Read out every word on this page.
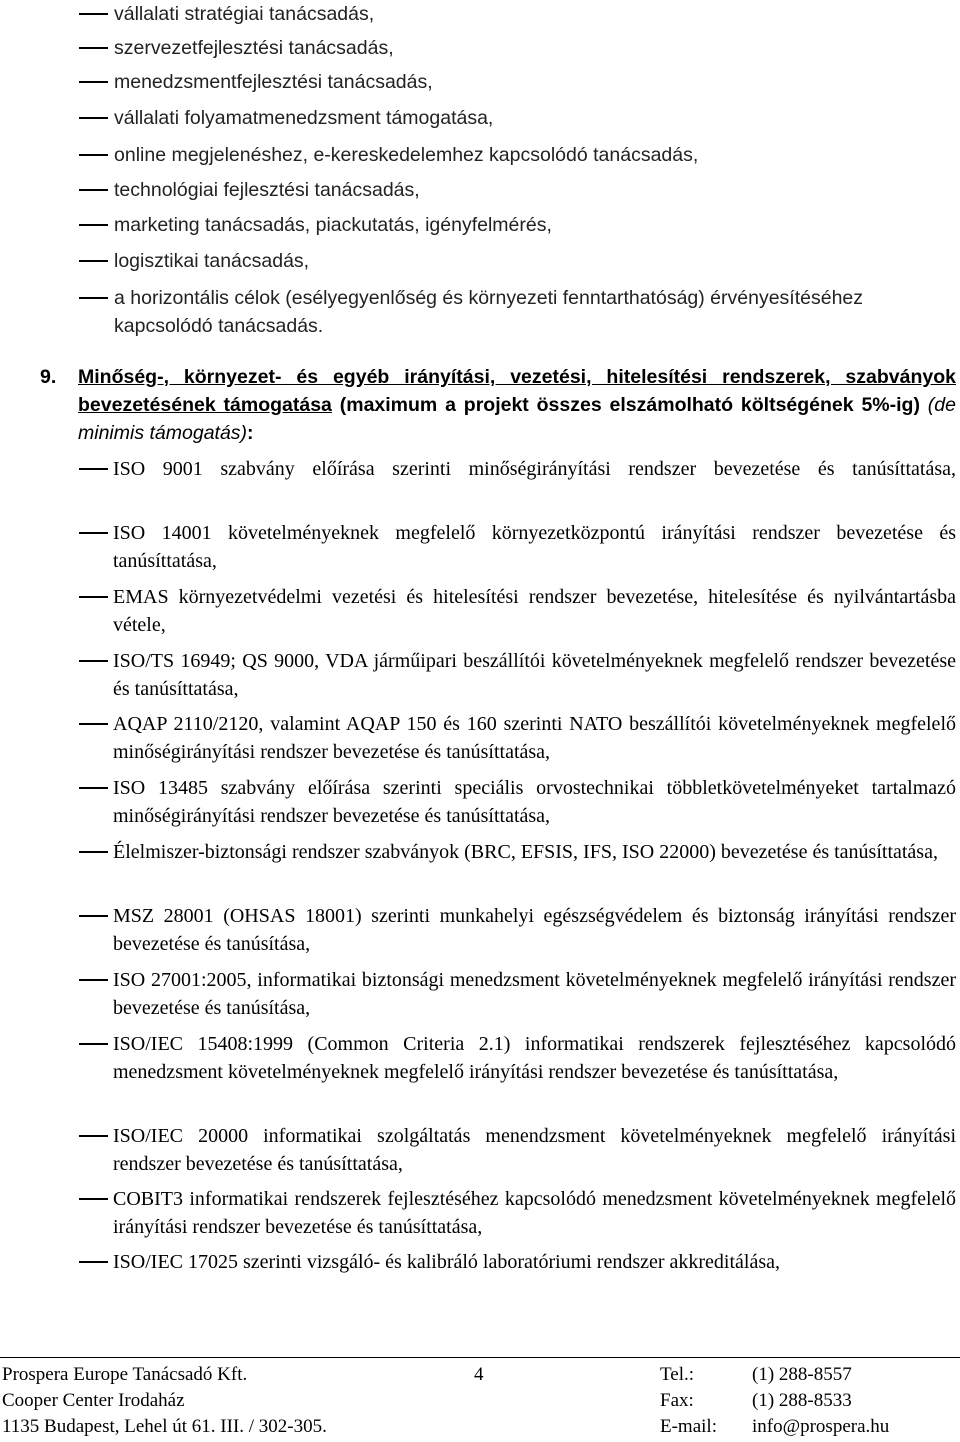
vállalati stratégiai tanácsadás,
szervezetfejlesztési tanácsadás,
menedzsmentfejlesztési tanácsadás,
vállalati folyamatmenedzsment támogatása,
online megjelenéshez, e-kereskedelemhez kapcsolódó tanácsadás,
technológiai fejlesztési tanácsadás,
marketing tanácsadás, piackutatás, igényfelmérés,
logisztikai tanácsadás,
a horizontális célok (esélyegyenlőség és környezeti fenntarthatóság) érvényesítéséhez kapcsolódó tanácsadás.
9. Minőség-, környezet- és egyéb irányítási, vezetési, hitelesítési rendszerek, szabványok bevezetésének támogatása (maximum a projekt összes elszámolható költségének 5%-ig) (de minimis támogatás):
ISO 9001 szabvány előírása szerinti minőségirányítási rendszer bevezetése és tanúsíttatása,
ISO 14001 követelményeknek megfelelő környezetközpontú irányítási rendszer bevezetése és tanúsíttatása,
EMAS környezetvédelmi vezetési és hitelesítési rendszer bevezetése, hitelesítése és nyilvántartásba vétele,
ISO/TS 16949; QS 9000, VDA járműipari beszállítói követelményeknek megfelelő rendszer bevezetése és tanúsíttatása,
AQAP 2110/2120, valamint AQAP 150 és 160 szerinti NATO beszállítói követelményeknek megfelelő minőségirányítási rendszer bevezetése és tanúsíttatása,
ISO 13485 szabvány előírása szerinti speciális orvostechnikai többletkövetelményeket tartalmazó minőségirányítási rendszer bevezetése és tanúsíttatása,
Élelmiszer-biztonsági rendszer szabványok (BRC, EFSIS, IFS, ISO 22000) bevezetése és tanúsíttatása,
MSZ 28001 (OHSAS 18001) szerinti munkahelyi egészségvédelem és biztonság irányítási rendszer bevezetése és tanúsítása,
ISO 27001:2005, informatikai biztonsági menedzsment követelményeknek megfelelő irányítási rendszer bevezetése és tanúsítása,
ISO/IEC 15408:1999 (Common Criteria 2.1) informatikai rendszerek fejlesztéséhez kapcsolódó menedzsment követelményeknek megfelelő irányítási rendszer bevezetése és tanúsíttatása,
ISO/IEC 20000 informatikai szolgáltatás menendzsment követelményeknek megfelelő irányítási rendszer bevezetése és tanúsíttatása,
COBIT3 informatikai rendszerek fejlesztéséhez kapcsolódó menedzsment követelményeknek megfelelő irányítási rendszer bevezetése és tanúsíttatása,
ISO/IEC 17025 szerinti vizsgáló- és kalibráló laboratóriumi rendszer akkreditálása,
Prospera Europe Tanácsadó Kft.
Cooper Center Irodaház
1135 Budapest, Lehel út 61. III. / 302-305.
4	Tel.:
Fax:
E-mail:
(1) 288-8557
(1) 288-8533
info@prospera.hu
